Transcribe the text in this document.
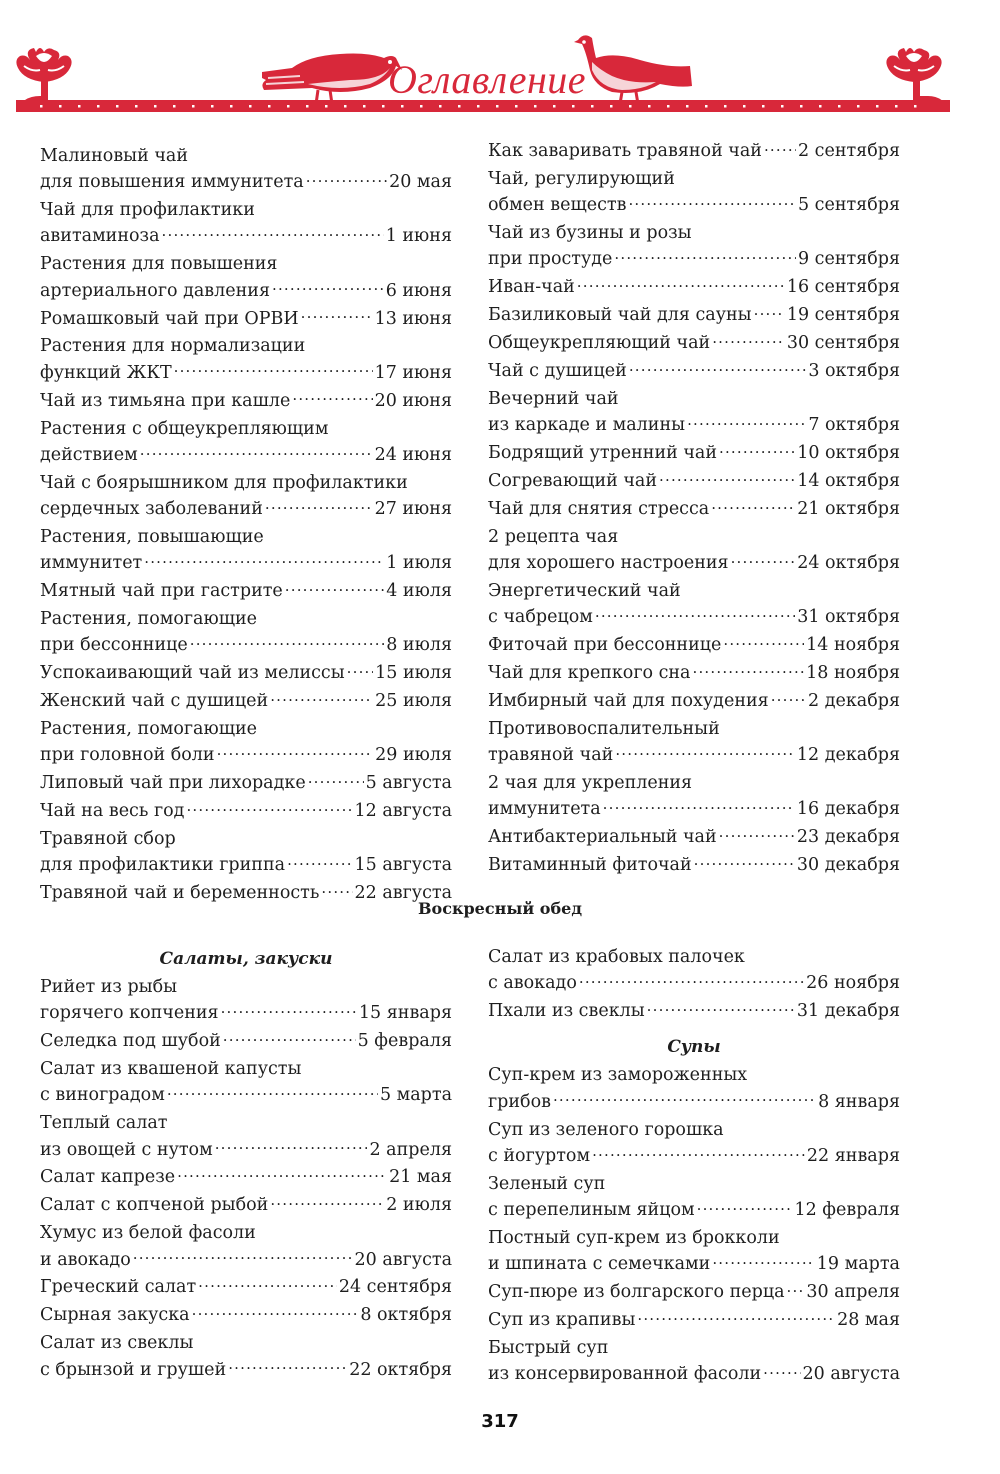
Оглавление
Малиновый чай
для повышения иммунитета .....	20 мая
Чай для профилактики
авитаминоза .....	1 июня
Растения для повышения
артериального давления .....	6 июня
Ромашковый чай при ОРВИ .....	13 июня
Растения для нормализации
функций ЖКТ .....	17 июня
Чай из тимьяна при кашле .....	20 июня
Растения с общеукрепляющим
действием .....	24 июня
Чай с боярышником для профилактики
сердечных заболеваний .....	27 июня
Растения, повышающие
иммунитет .....	1 июля
Мятный чай при гастрите .....	4 июля
Растения, помогающие
при бессоннице .....	8 июля
Успокаивающий чай из мелиссы ..... 15 июля
Женский чай с душицей .....	25 июля
Растения, помогающие
при головной боли .....	29 июля
Липовый чай при лихорадке .....	5 августа
Чай на весь год .....	12 августа
Травяной сбор
для профилактики гриппа .....	15 августа
Травяной чай и беременность ..... 22 августа
Как заваривать травяной чай ..... 2 сентября
Чай, регулирующий
обмен веществ .....	5 сентября
Чай из бузины и розы
при простуде .....	9 сентября
Иван-чай .....	16 сентября
Базиликовый чай для сауны ..... 19 сентября
Общеукрепляющий чай .....	30 сентября
Чай с душицей .....	3 октября
Вечерний чай
из каркаде и малины .....	7 октября
Бодрящий утренний чай .....	10 октября
Согревающий чай .....	14 октября
Чай для снятия стресса .....	21 октября
2 рецепта чая
для хорошего настроения .....	24 октября
Энергетический чай
с чабрецом .....	31 октября
Фиточай при бессоннице .....	14 ноября
Чай для крепкого сна .....	18 ноября
Имбирный чай для похудения ..... 2 декабря
Противовоспалительный
травяной чай .....	12 декабря
2 чая для укрепления
иммунитета .....	16 декабря
Антибактериальный чай .....	23 декабря
Витаминный фиточай .....	30 декабря
Воскресный обед
Салаты, закуски
Рийет из рыбы
горячего копчения .....	15 января
Селедка под шубой .....	5 февраля
Салат из квашеной капусты
с виноградом .....	5 марта
Теплый салат
из овощей с нутом .....	2 апреля
Салат капрезе .....	21 мая
Салат с копченой рыбой .....	2 июля
Хумус из белой фасоли
и авокадо .....	20 августа
Греческий салат .....	24 сентября
Сырная закуска .....	8 октября
Салат из свеклы
с брынзой и грушей .....	22 октября
Салат из крабовых палочек
с авокадо .....	26 ноября
Пхали из свеклы .....	31 декабря
Супы
Суп-крем из замороженных
грибов .....	8 января
Суп из зеленого горошка
с йогуртом .....	22 января
Зеленый суп
с перепелиным яйцом .....	12 февраля
Постный суп-крем из брокколи
и шпината с семечками .....	19 марта
Суп-пюре из болгарского перца ..... 30 апреля
Суп из крапивы .....	28 мая
Быстрый суп
из консервированной фасоли ..... 20 августа
317
